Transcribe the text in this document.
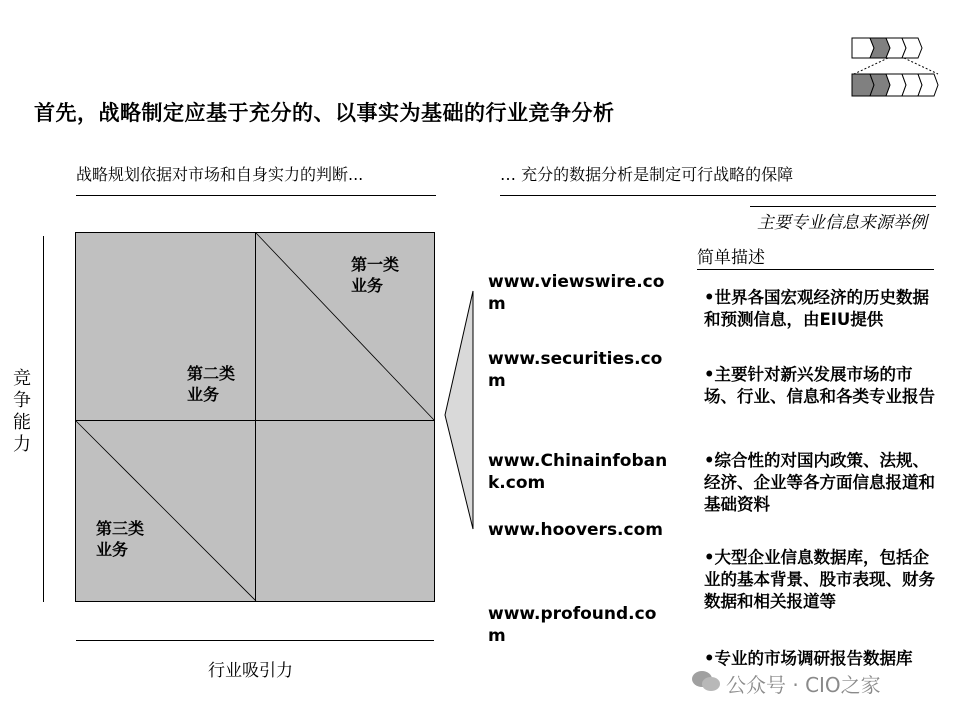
首先，战略制定应基于充分的、以事实为基础的行业竞争分析
战略规划依据对市场和自身实力的判断...	… 充分的数据分析是制定可行战略的保障
竞争能力
第一类
业务
第二类
业务
第三类
业务
行业吸引力
主要专业信息来源举例
简单描述
www.viewswire.com
www.securities.com
www.Chinainfobank.com
www.hoovers.com
www.profound.com
•世界各国宏观经济的历史数据和预测信息，由EIU提供
•主要针对新兴发展市场的市场、行业、信息和各类专业报告
•综合性的对国内政策、法规、经济、企业等各方面信息报道和基础资料
•大型企业信息数据库，包括企业的基本背景、股市表现、财务数据和相关报道等
•专业的市场调研报告数据库
公众号 · CIO之家
